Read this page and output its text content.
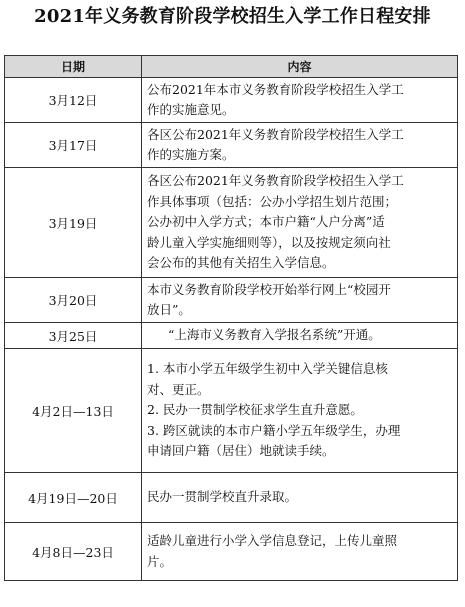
2021年义务教育阶段学校招生入学工作日程安排
日期	内容
3月12日	公布2021年本市义务教育阶段学校招生入学工
作的实施意见。

3月17日	各区公布2021年义务教育阶段学校招生入学工
作的实施方案。

3月19日	各区公布2021年义务教育阶段学校招生入学工
作具体事项（包括：公办小学招生划片范围；
公办初中入学方式；本市户籍“人户分离”适
龄儿童入学实施细则等），以及按规定须向社
会公布的其他有关招生入学信息。

3月20日	本市义务教育阶段学校开始举行网上“校园开
放日”。

3月25日	“上海市义务教育入学报名系统”开通。

4月2日—13日	1. 本市小学五年级学生初中入学关键信息核
对、更正。
2. 民办一贯制学校征求学生直升意愿。
3. 跨区就读的本市户籍小学五年级学生，办理
申请回户籍（居住）地就读手续。

4月19日—20日	民办一贯制学校直升录取。

4月8日—23日	适龄儿童进行小学入学信息登记，上传儿童照
片。
